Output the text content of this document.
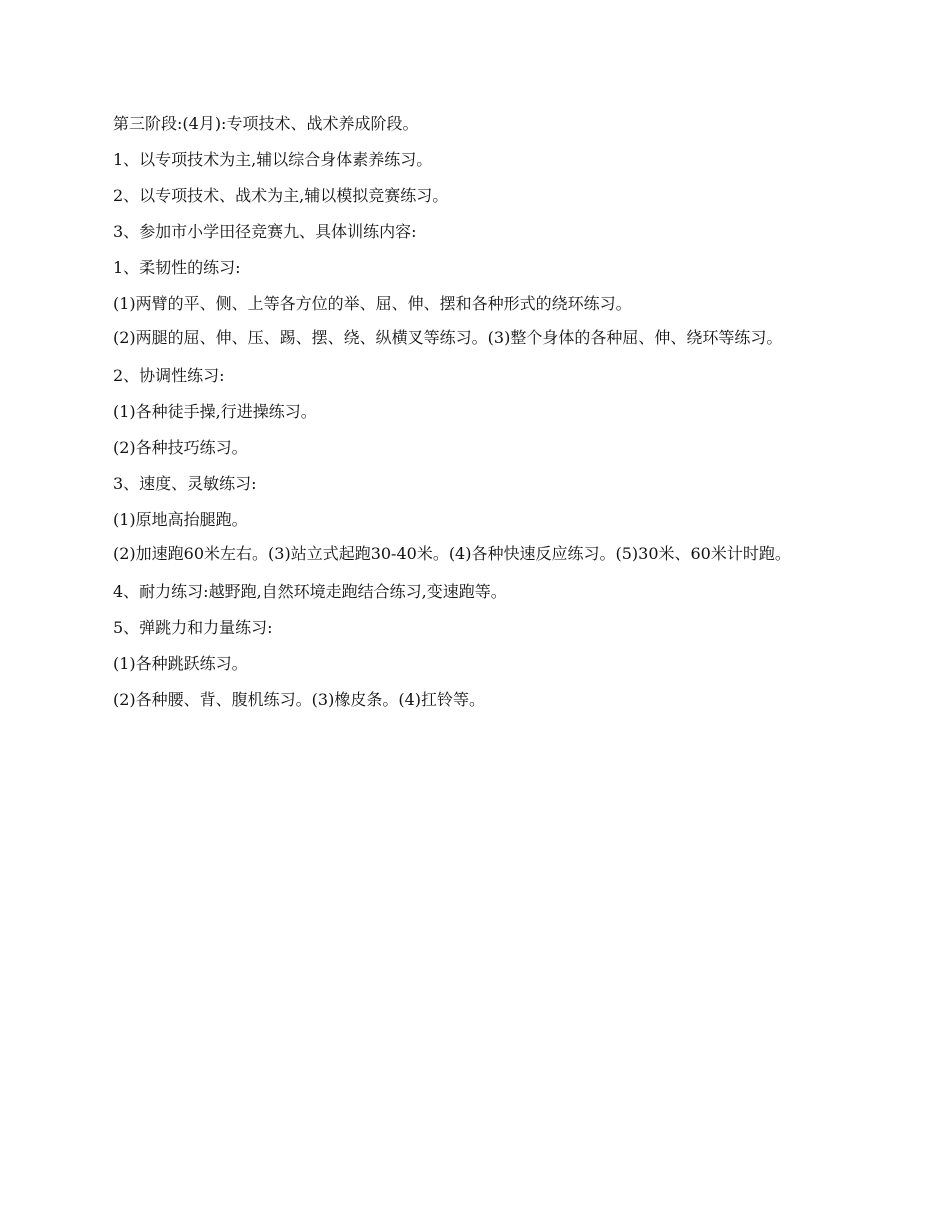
第三阶段:(4月):专项技术、战术养成阶段。

1、以专项技术为主,辅以综合身体素养练习。

2、以专项技术、战术为主,辅以模拟竞赛练习。

3、参加市小学田径竞赛九、具体训练内容:

1、柔韧性的练习:

(1)两臂的平、侧、上等各方位的举、屈、伸、摆和各种形式的绕环练习。

(2)两腿的屈、伸、压、踢、摆、绕、纵横叉等练习。(3)整个身体的各种屈、伸、绕环等练习。

2、协调性练习:

(1)各种徒手操,行进操练习。

(2)各种技巧练习。

3、速度、灵敏练习:

(1)原地高抬腿跑。

(2)加速跑60米左右。(3)站立式起跑30-40米。(4)各种快速反应练习。(5)30米、60米计时跑。

4、耐力练习:越野跑,自然环境走跑结合练习,变速跑等。

5、弹跳力和力量练习:

(1)各种跳跃练习。

(2)各种腰、背、腹机练习。(3)橡皮条。(4)扛铃等。
